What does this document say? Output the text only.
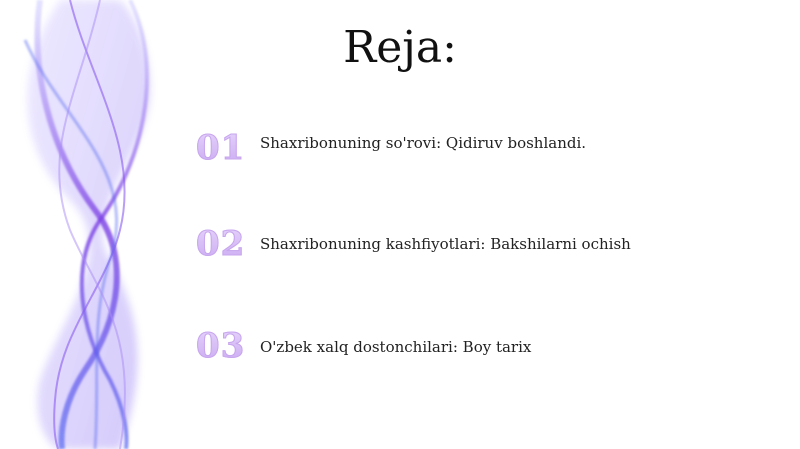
Reja:
01 Shaxribonuning so'rovi: Qidiruv boshlandi.
02 Shaxribonuning kashfiyotlari: Bakshilarni ochish
03 O'zbek xalq dostonchilari: Boy tarix
